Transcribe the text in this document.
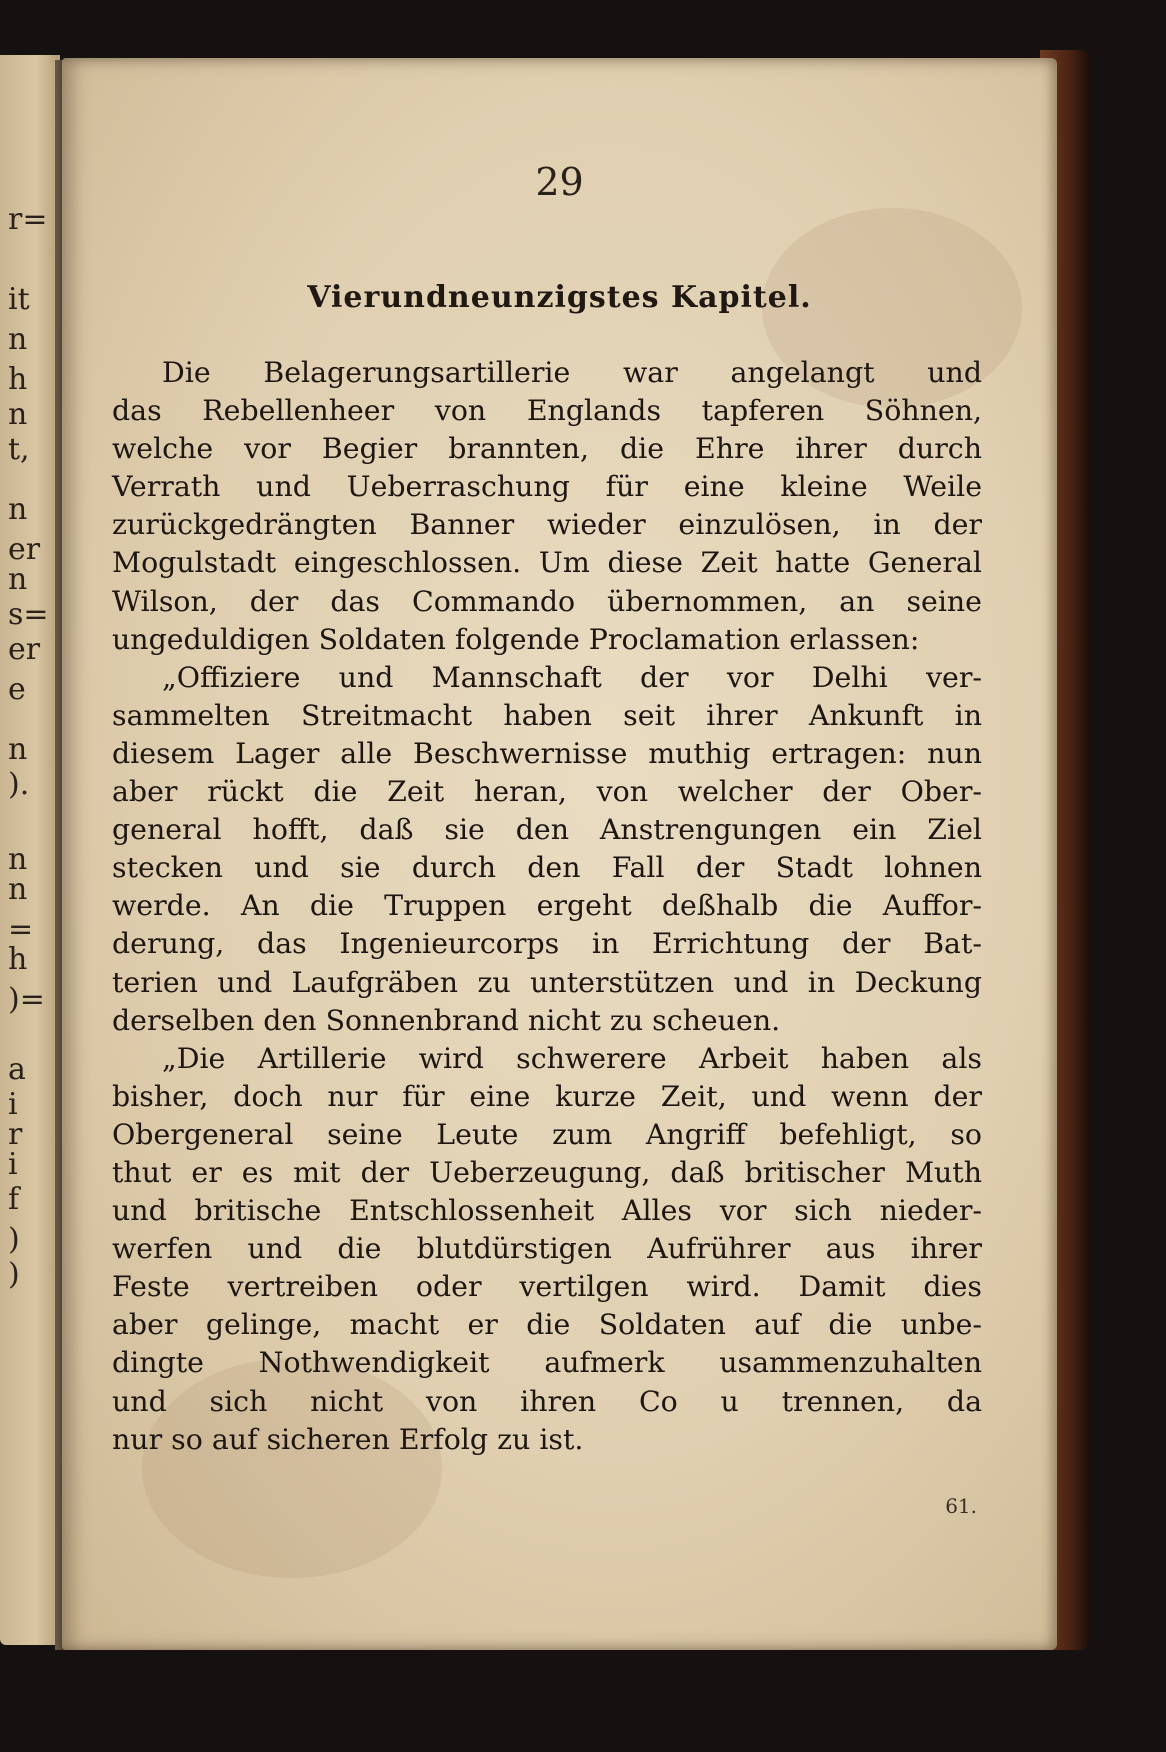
r=
it
n
h
n
t,
n
er
n
s=
er
e
n
).
n
n
=
h
)=
a
i
r
i
f
)
)
29
Vierundneunzigstes Kapitel.
Die Belagerungsartillerie war angelangt und
das Rebellenheer von Englands tapferen Söhnen,
welche vor Begier brannten, die Ehre ihrer durch
Verrath und Ueberraschung für eine kleine Weile
zurückgedrängten Banner wieder einzulösen, in der
Mogulstadt eingeschlossen. Um diese Zeit hatte General
Wilson, der das Commando übernommen, an seine
ungeduldigen Soldaten folgende Proclamation erlassen:
„Offiziere und Mannschaft der vor Delhi ver-
sammelten Streitmacht haben seit ihrer Ankunft in
diesem Lager alle Beschwernisse muthig ertragen: nun
aber rückt die Zeit heran, von welcher der Ober-
general hofft, daß sie den Anstrengungen ein Ziel
stecken und sie durch den Fall der Stadt lohnen
werde. An die Truppen ergeht deßhalb die Auffor-
derung, das Ingenieurcorps in Errichtung der Bat-
terien und Laufgräben zu unterstützen und in Deckung
derselben den Sonnenbrand nicht zu scheuen.
„Die Artillerie wird schwerere Arbeit haben als
bisher, doch nur für eine kurze Zeit, und wenn der
Obergeneral seine Leute zum Angriff befehligt, so
thut er es mit der Ueberzeugung, daß britischer Muth
und britische Entschlossenheit Alles vor sich nieder-
werfen und die blutdürstigen Aufrührer aus ihrer
Feste vertreiben oder vertilgen wird. Damit dies
aber gelinge, macht er die Soldaten auf die unbe-
dingte Nothwendigkeit aufmerk usammenzuhalten
und sich nicht von ihren Co u trennen, da
nur so auf sicheren Erfolg zu ist.
61.
